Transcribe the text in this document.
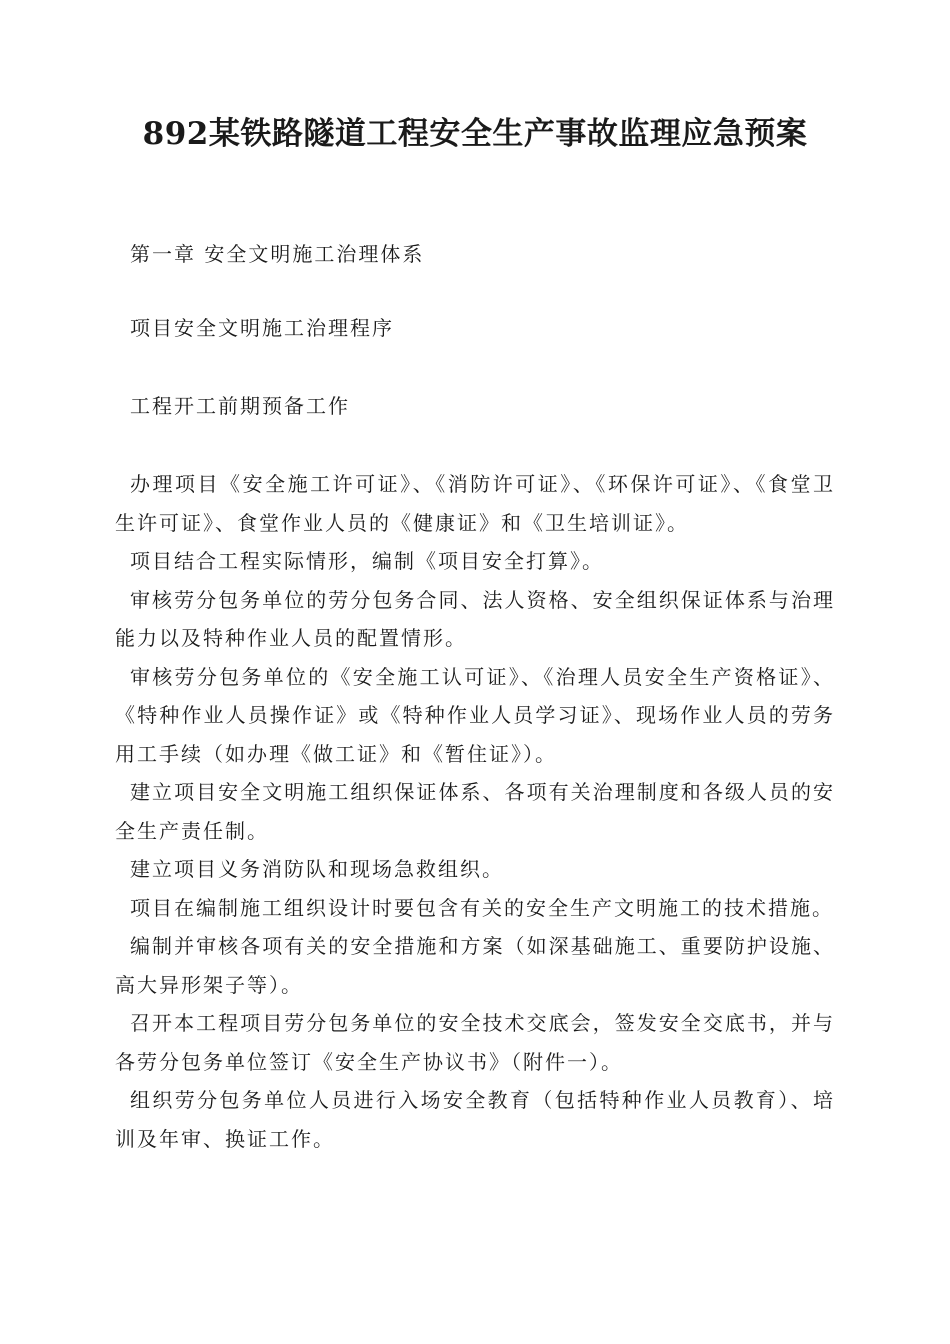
892某铁路隧道工程安全生产事故监理应急预案

第一章 安全文明施工治理体系

项目安全文明施工治理程序

工程开工前期预备工作

办理项目《安全施工许可证》、《消防许可证》、《环保许可证》、《食堂卫生许可证》、食堂作业人员的《健康证》和《卫生培训证》。

项目结合工程实际情形，编制《项目安全打算》。

审核劳分包务单位的劳分包务合同、法人资格、安全组织保证体系与治理能力以及特种作业人员的配置情形。

审核劳分包务单位的《安全施工认可证》、《治理人员安全生产资格证》、《特种作业人员操作证》或《特种作业人员学习证》、现场作业人员的劳务用工手续（如办理《做工证》和《暂住证》）。

建立项目安全文明施工组织保证体系、各项有关治理制度和各级人员的安全生产责任制。

建立项目义务消防队和现场急救组织。

项目在编制施工组织设计时要包含有关的安全生产文明施工的技术措施。

编制并审核各项有关的安全措施和方案（如深基础施工、重要防护设施、高大异形架子等）。

召开本工程项目劳分包务单位的安全技术交底会，签发安全交底书，并与各劳分包务单位签订《安全生产协议书》（附件一）。

组织劳分包务单位人员进行入场安全教育（包括特种作业人员教育）、培训及年审、换证工作。
